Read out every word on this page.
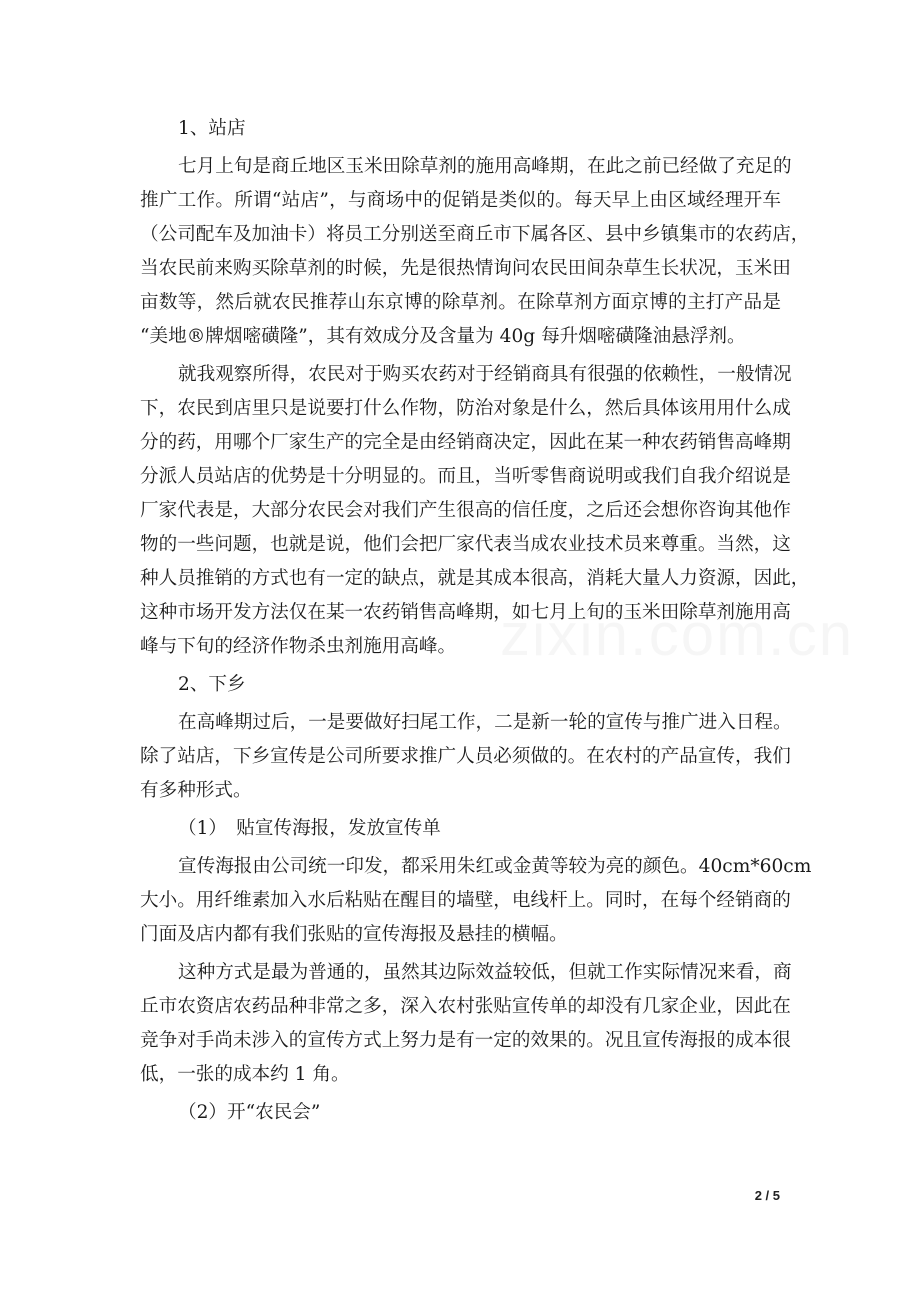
1、站店
七月上旬是商丘地区玉米田除草剂的施用高峰期，在此之前已经做了充足的
推广工作。所谓“站店”，与商场中的促销是类似的。每天早上由区域经理开车
（公司配车及加油卡）将员工分别送至商丘市下属各区、县中乡镇集市的农药店，
当农民前来购买除草剂的时候，先是很热情询问农民田间杂草生长状况，玉米田
亩数等，然后就农民推荐山东京博的除草剂。在除草剂方面京博的主打产品是
“美地®牌烟嘧磺隆”，其有效成分及含量为 40g 每升烟嘧磺隆油悬浮剂。
就我观察所得，农民对于购买农药对于经销商具有很强的依赖性，一般情况
下，农民到店里只是说要打什么作物，防治对象是什么，然后具体该用用什么成
分的药，用哪个厂家生产的完全是由经销商决定，因此在某一种农药销售高峰期
分派人员站店的优势是十分明显的。而且，当听零售商说明或我们自我介绍说是
厂家代表是，大部分农民会对我们产生很高的信任度，之后还会想你咨询其他作
物的一些问题，也就是说，他们会把厂家代表当成农业技术员来尊重。当然，这
种人员推销的方式也有一定的缺点，就是其成本很高，消耗大量人力资源，因此，
这种市场开发方法仅在某一农药销售高峰期，如七月上旬的玉米田除草剂施用高
峰与下旬的经济作物杀虫剂施用高峰。
2、下乡
在高峰期过后，一是要做好扫尾工作，二是新一轮的宣传与推广进入日程。
除了站店，下乡宣传是公司所要求推广人员必须做的。在农村的产品宣传，我们
有多种形式。
（1）　贴宣传海报，发放宣传单
宣传海报由公司统一印发，都采用朱红或金黄等较为亮的颜色。40cm*60cm
大小。用纤维素加入水后粘贴在醒目的墙壁，电线杆上。同时，在每个经销商的
门面及店内都有我们张贴的宣传海报及悬挂的横幅。
这种方式是最为普通的，虽然其边际效益较低，但就工作实际情况来看，商
丘市农资店农药品种非常之多，深入农村张贴宣传单的却没有几家企业，因此在
竞争对手尚未涉入的宣传方式上努力是有一定的效果的。况且宣传海报的成本很
低，一张的成本约 1 角。
（2）开“农民会”
2 / 5
